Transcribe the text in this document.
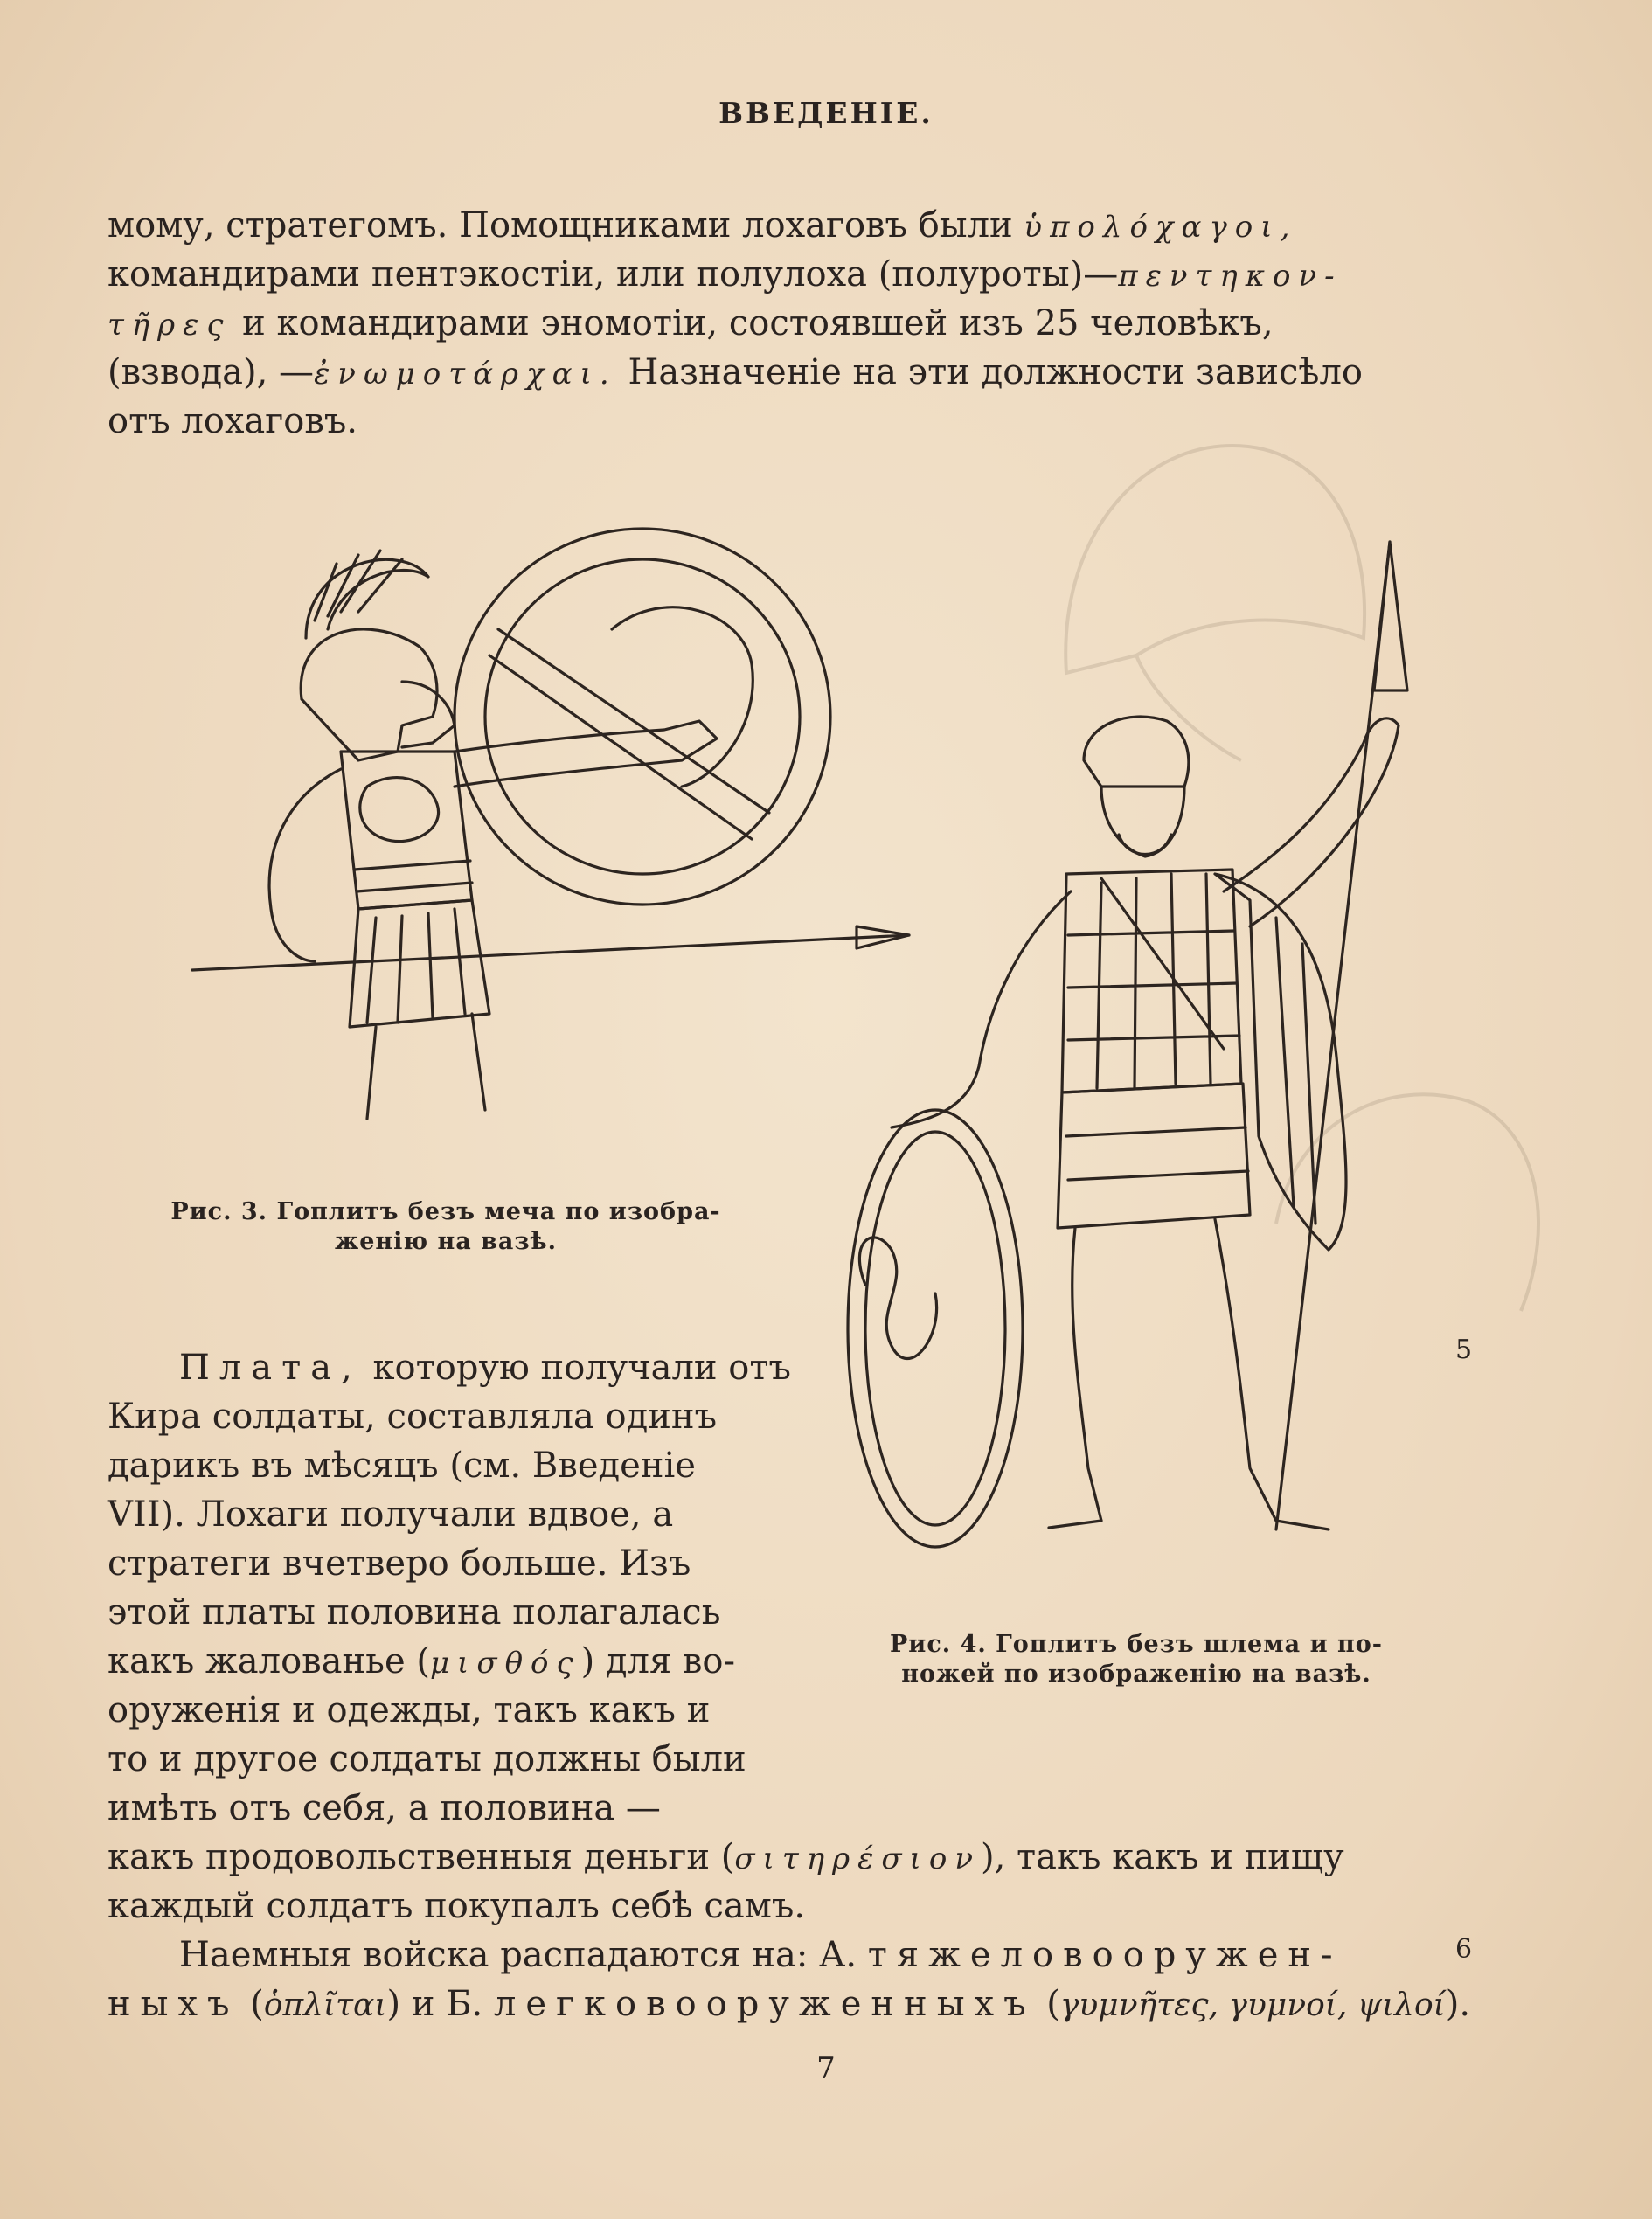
ВВЕДЕНІЕ.
мому, стратегомъ. Помощниками лохаговъ были ὑπολόχαγοι,
командирами пентэкостіи, или полулоха (полуроты)—πεντηκον-
τῆρες и командирами эномотіи, состоявшей изъ 25 человѣкъ,
(взвода), —ἐνωμοτάρχαι. Назначеніе на эти должности зависѣло
отъ лохаговъ.
Рис. 3. Гоплитъ безъ меча по изобра-
женію на вазѣ.
Рис. 4. Гоплитъ безъ шлема и по-
ножей по изображенію на вазѣ.
5
Плата, которую получали отъ
Кира солдаты, составляла одинъ
дарикъ въ мѣсяцъ (см. Введеніе
VII). Лохаги получали вдвое, а
стратеги вчетверо больше. Изъ
этой платы половина полагалась
какъ жалованье (μισθός) для во-
оруженія и одежды, такъ какъ и
то и другое солдаты должны были
имѣть отъ себя, а половина —
какъ продовольственныя деньги (σιτηρέσιον), такъ какъ и пищу
каждый солдатъ покупалъ себѣ самъ.
Наемныя войска распадаются на: А. тяжеловооружен-	6
ныхъ (ὁπλῖται) и Б. легковооруженныхъ (γυμνῆτες, γυμνοί, ψιλοί).
7
